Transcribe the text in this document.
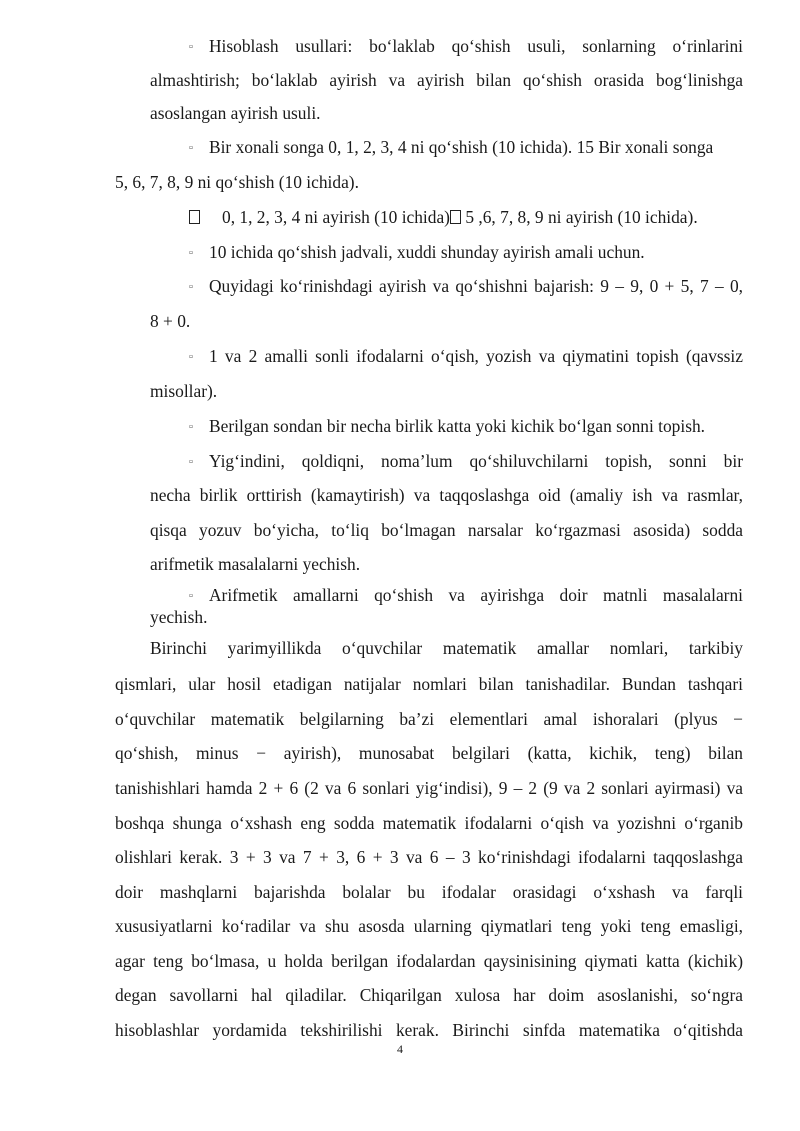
▫ Hisoblash usullari: bo‘laklab qo‘shish usuli, sonlarning o‘rinlarini
almashtirish; bo‘laklab ayirish va ayirish bilan qo‘shish orasida bog‘linishga
asoslangan ayirish usuli.
▫ Bir xonali songa 0, 1, 2, 3, 4 ni qo‘shish (10 ichida). 15 Bir xonali songa
5, 6, 7, 8, 9 ni qo‘shish (10 ichida).
0, 1, 2, 3, 4 ni ayirish (10 ichida) 5 ,6, 7, 8, 9 ni ayirish (10 ichida).
▫ 10 ichida qo‘shish jadvali, xuddi shunday ayirish amali uchun.
▫ Quyidagi ko‘rinishdagi ayirish va qo‘shishni bajarish: 9 – 9, 0 + 5, 7 – 0,
8 + 0.
▫ 1 va 2 amalli sonli ifodalarni o‘qish, yozish va qiymatini topish (qavssiz
misollar).
▫ Berilgan sondan bir necha birlik katta yoki kichik bo‘lgan sonni topish.
▫ Yig‘indini, qoldiqni, noma’lum qo‘shiluvchilarni topish, sonni bir
necha birlik orttirish (kamaytirish) va taqqoslashga oid (amaliy ish va rasmlar,
qisqa yozuv bo‘yicha, to‘liq bo‘lmagan narsalar ko‘rgazmasi asosida) sodda
arifmetik masalalarni yechish.
▫ Arifmetik amallarni qo‘shish va ayirishga doir matnli masalalarni
yechish.
Birinchi yarimyillikda o‘quvchilar matematik amallar nomlari, tarkibiy
qismlari, ular hosil etadigan natijalar nomlari bilan tanishadilar. Bundan tashqari
o‘quvchilar matematik belgilarning ba’zi elementlari amal ishoralari (plyus −
qo‘shish, minus − ayirish), munosabat belgilari (katta, kichik, teng) bilan
tanishishlari hamda 2 + 6 (2 va 6 sonlari yig‘indisi), 9 – 2 (9 va 2 sonlari ayirmasi) va
boshqa shunga o‘xshash eng sodda matematik ifodalarni o‘qish va yozishni o‘rganib
olishlari kerak. 3 + 3 va 7 + 3, 6 + 3 va 6 – 3 ko‘rinishdagi ifodalarni taqqoslashga
doir mashqlarni bajarishda bolalar bu ifodalar orasidagi o‘xshash va farqli
xususiyatlarni ko‘radilar va shu asosda ularning qiymatlari teng yoki teng emasligi,
agar teng bo‘lmasa, u holda berilgan ifodalardan qaysinisining qiymati katta (kichik)
degan savollarni hal qiladilar. Chiqarilgan xulosa har doim asoslanishi, so‘ngra
hisoblashlar yordamida tekshirilishi kerak. Birinchi sinfda matematika o‘qitishda
4
